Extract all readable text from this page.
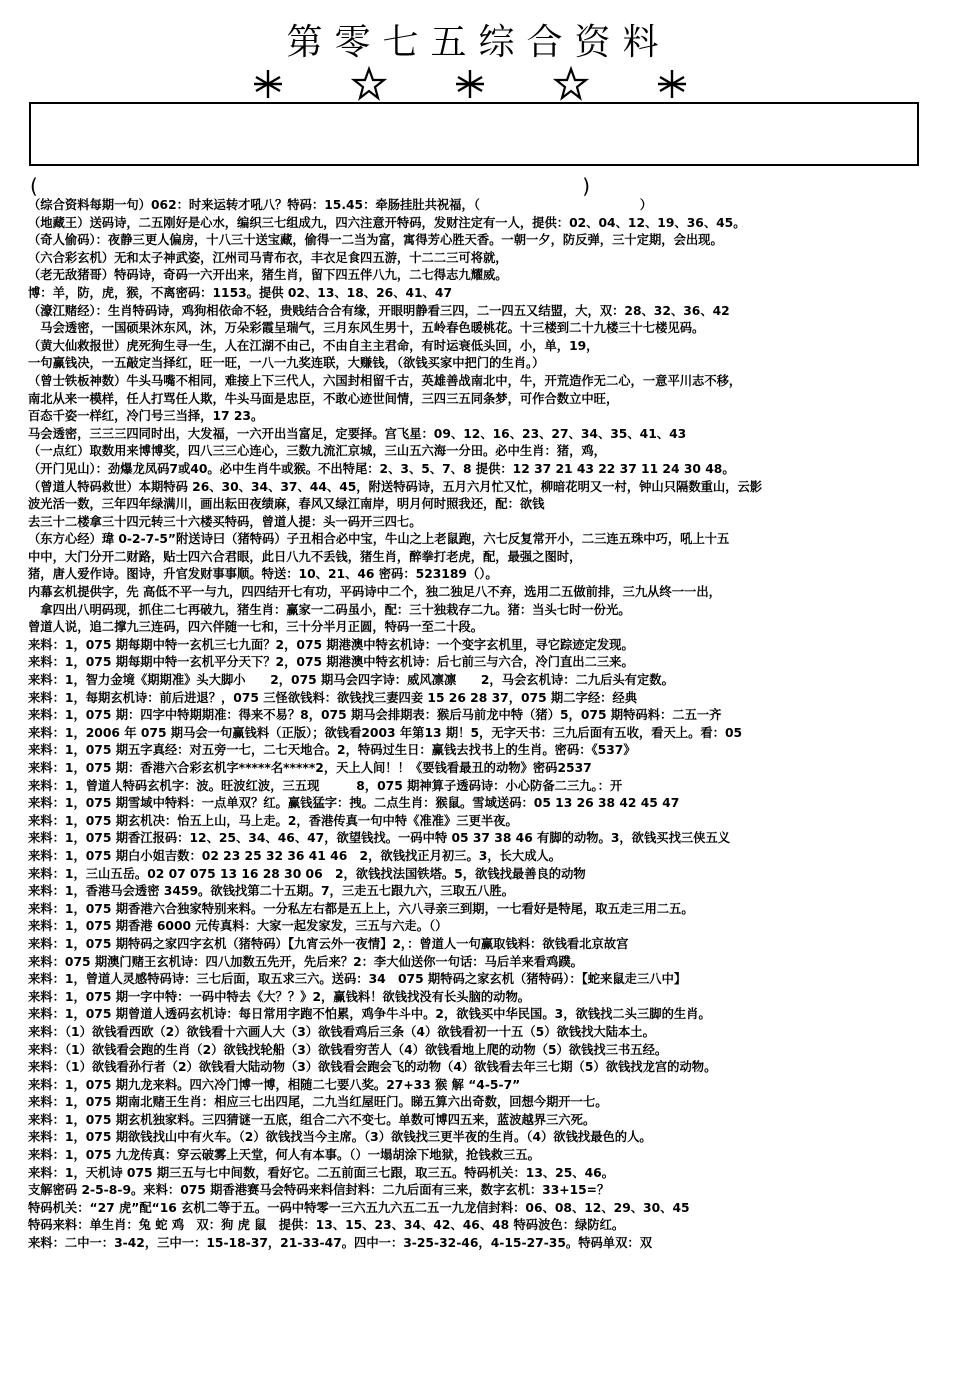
第零七五综合资料
(	)
（综合资料每期一句）062：时来运转才吼八？特码：15.45：牵肠挂肚共祝福，（　　　　　　　　　　　　　）
（地藏王）送码诗，二五刚好是心水，编织三七组成九，四六注意开特码，发财注定有一人，提供：02、04、12、19、36、45。
（奇人偷码）：夜静三更人偏房，十八三十送宝藏，偷得一二当为富，寓得芳心胜天香。一朝一夕，防反弹，三十定期，会出现。
（六合彩玄机）无和太子神武姿，江州司马青布衣，丰衣足食四五游，十二二三可将就，
（老无敌猪哥）特码诗，奇码一六开出来，猪生肖，留下四五伴八九，二七得志九耀威。
博：羊，防，虎，猴，不离密码：1153。提供 02、13、18、26、41、47
（濠江赌经）：生肖特码诗，鸡狗相依命不轻，贵贱结合合有缘，开眼明静看三四，二一四五又结盟，大，双：28、32、36、42
　马会透密，一国硕果沐东风，沐，万朵彩霞呈瑞气，三月东风生男十，五岭春色暖桃花。十三楼到二十九楼三十七楼见码。
（黄大仙救报世）虎死狗生寻一生，人在江湖不由己，不由自主主君命，有时运衰低头回，小，单，19，
一句赢钱决，一五敲定当择红，旺一旺，一八一九奖连联，大赚钱，（欲钱买家中把门的生肖。）
（曾士铁板神数）牛头马嘴不相同，难接上下三代人，六国封相留千古，英雄善战南北中，牛，开荒造作无二心，一意平川志不移，
南北从来一模样，任人打骂任人欺，牛头马面是忠臣，不敢心迹世间情，三四三五同条梦，可作合数立中旺，
百态千姿一样红，冷门号三当择，17 23。
马会透密，三三三四同时出，大发福，一六开出当富足，定要择。宫飞星：09、12、16、23、27、34、35、41、43
（一点红）取数用来博博奖，四八三三心连心，三数九流汇京城，三山五六海一分田。必中生肖：猪，鸡，
（开门见山）：劲爆龙凤码7或40。必中生肖牛或猴。不出特尾：2、3、5、7、8 提供：12 37 21 43 22 37 11 24 30 48。
（曾道人特码救世）本期特码 26、30、34、37、44、45，附送特码诗，五月六月忙又忙，柳暗花明又一村，钟山只隔数重山，云影
波光活一数，三年四年绿满川，画出耘田夜绩麻，春风又绿江南岸，明月何时照我还，配：欲钱
去三十二楼拿三十四元转三十六楼买特码，曾道人提：头一码开三四七。
（东方心经）瑋 0-2-7-5”附送诗曰（猪特码）子丑相合必中宝，牛山之上老鼠跑，六七反复常开小，二三连五珠中巧，吼上十五
中中，大门分开二财路，贴士四六合君眼，此日八九不丢钱，猪生肖，醉拳打老虎，配，最强之图时，
猪，唐人爱作诗。图诗，升官发财事事顺。特送：10、21、46 密码：523189（）。
内幕玄机提供字，先 高低不平一与九，四四结开七有功，平码诗中二个，独二独足八不弃，选用二五做前排，三九从终一一出，
　拿四出八明码现，抓住二七再破九，猪生肖：赢家一二码虽小，配：三十独栽存二九。猪：当头七时一份光。
曾道人说，追二撑九三连码，四六伴随一七和，三十分半月正圆，特码一至二十段。
来料：1，075 期每期中特一玄机三七九面？2，075 期港澳中特玄机诗：一个变字玄机里，寻它踪迹定发现。
来料：1，075 期每期中特一玄机平分天下？2，075 期港澳中特玄机诗：后七前三与六合，冷门直出二三来。
来料：1，智力金境《期期准》头大脚小　　2，075 期马会四字诗：威风凛凛　　2，马会玄机诗：二九后头有定数。
来料：1，每期玄机诗：前后进退？，075 三怪欲钱料：欲钱找三妻四妾 15 26 28 37，075 期二字经：经典
来料：1，075 期：四字中特期期准：得来不易？8，075 期马会排期表：猴后马前龙中特（猪）5，075 期特码料：二五一齐
来料：1，2006 年 075 期马会一句赢钱料（正版）；欲钱看2003 年第13 期！5，无字天书：三九后面有五收，看天上。看：05
来料：1，075 期五字真经：对五旁一七，二七天地合。2，特码过生日：赢钱去找书上的生肖。密码：《537》
来料：1，075 期：香港六合彩玄机字*****名*****2，天上人间！！《要钱看最丑的动物》密码2537
来料：1，曾道人特码玄机字：波。旺波红波，三五现　　　8，075 期神算子透码诗：小心防备二三九。：开
来料：1，075 期雪域中特料：一点单双？红。赢钱猛字：拽。二点生肖：猴鼠。雪域送码：05 13 26 38 42 45 47
来料：1，075 期玄机决：怡五上山，马上走。2，香港传真一句中特《准准》三更半夜。
来料：1，075 期香江报码：12、25、34、46、47，欲望钱找。一码中特 05 37 38 46 有脚的动物。3，欲钱买找三侠五义
来料：1，075 期白小姐吉数：02 23 25 32 36 41 46　2，欲钱找正月初三。3，长大成人。
来料：1，三山五岳。02 07 075 13 16 28 30 06　2，欲钱找法国铁塔。5，欲钱找最善良的动物
来料：1，香港马会透密 3459。欲钱找第二十五期。7，三走五七跟九六，三取五八胜。
来料：1，075 期香港六合独家特别来料。一分私左右都是五上上，六八寻亲三到期，一七看好是特尾，取五走三用二五。
来料：1，075 期香港 6000 元传真料：大家一起发家发，三五与六走。（）
来料：1，075 期特码之家四字玄机（猪特码）【九宵云外一夜情】2，：曾道人一句赢取钱料：欲钱看北京故宫
来料：075 期澳门赌王玄机诗：四八加数五先开，先后来？2：李大仙送你一句话：马后羊来看鸡蹼。
来料：1，曾道人灵感特码诗：三七后面，取五求三六。送码：34　075 期特码之家玄机（猪特码）：【蛇来鼠走三八中】
来料：1，075 期一字中特：一码中特去《大？？》2，赢钱料！欲钱找没有长头脑的动物。
来料：1，075 期曾道人透码玄机诗：每日常用字跑不怕累，鸡争牛斗中。2，欲钱买中华民国。3，欲钱找二头三脚的生肖。
来料：（1）欲钱看西欧（2）欲钱看十六画人大（3）欲钱看鸡后三条（4）欲钱看初一十五（5）欲钱找大陆本土。
来料：（1）欲钱看会跑的生肖（2）欲钱找轮船（3）欲钱看穷苦人（4）欲钱看地上爬的动物（5）欲钱找三书五经。
来料：（1）欲钱看孙行者（2）欲钱看大陆动物（3）欲钱看会跑会飞的动物（4）欲钱看去年三七期（5）欲钱找龙宫的动物。
来料：1，075 期九龙来料。四六冷门博一博，相随二七要八奖。27+33 猴 解 “4-5-7”
来料：1，075 期南北赌王生肖：相应三七出四尾，二九当红屋旺门。睇五算六出奇数，回想今期开一七。
来料：1，075 期玄机独家料。三四猜谜一五底，组合二六不变七。单数可博四五来，蓝波越界三六死。
来料：1，075 期欲钱找山中有火车。（2）欲钱找当今主席。（3）欲钱找三更半夜的生肖。（4）欲钱找最色的人。
来料：1，075 九龙传真：穿云破雾上天堂，何人有本事。（）一塌胡涂下地狱，抢钱救三五。
来料：1，天机诗 075 期三五与七中间数，看好它。二五前面三七跟，取三五。特码机关：13、25、46。
支解密码 2-5-8-9。来料：075 期香港赛马会特码来料信封料：二九后面有三来，数字玄机：33+15=？
特码机关：“27 虎”配“16 玄机二等于五。一码中特零一三六五九六五二五一九龙信封料：06、08、12、29、30、45
特码来料：单生肖：兔 蛇 鸡　双：狗 虎 鼠　提供：13、15、23、34、42、46、48 特码波色：绿防红。
来料：二中一：3-42，三中一：15-18-37，21-33-47。四中一：3-25-32-46，4-15-27-35。特码单双：双
